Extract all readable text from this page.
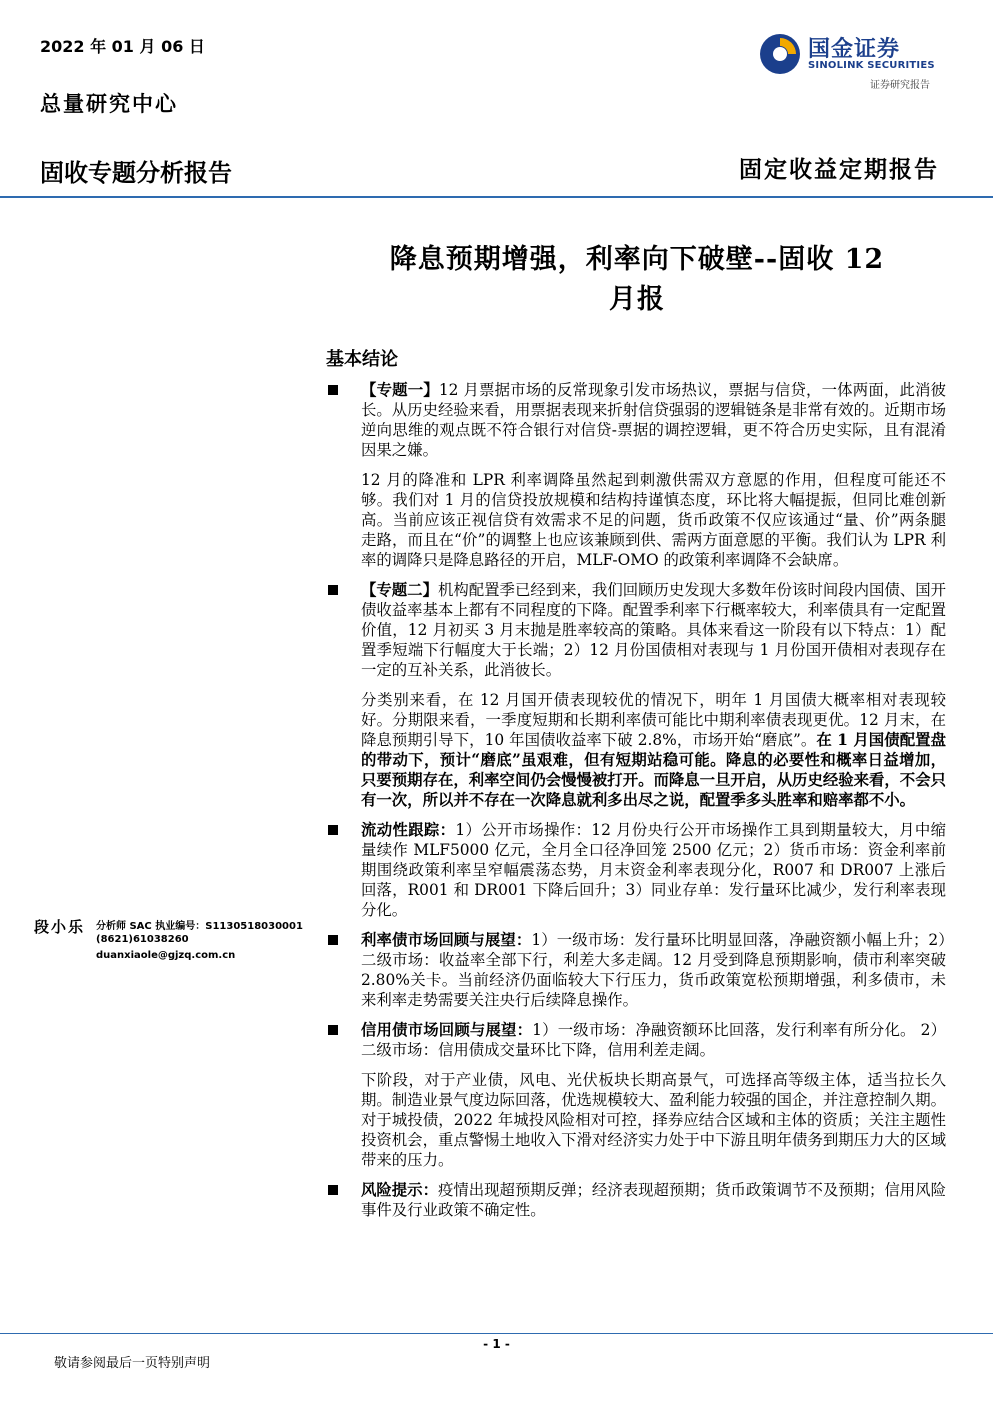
2022 年 01 月 06 日
总量研究中心
国金证券
SINOLINK SECURITIES
证券研究报告
固收专题分析报告	固定收益定期报告
降息预期增强，利率向下破壁--固收 12
月报
基本结论
【专题一】12 月票据市场的反常现象引发市场热议，票据与信贷，一体两面，此消彼长。从历史经验来看，用票据表现来折射信贷强弱的逻辑链条是非常有效的。近期市场逆向思维的观点既不符合银行对信贷-票据的调控逻辑，更不符合历史实际，且有混淆因果之嫌。
12 月的降准和 LPR 利率调降虽然起到刺激供需双方意愿的作用，但程度可能还不够。我们对 1 月的信贷投放规模和结构持谨慎态度，环比将大幅提振，但同比难创新高。当前应该正视信贷有效需求不足的问题，货币政策不仅应该通过“量、价”两条腿走路，而且在“价”的调整上也应该兼顾到供、需两方面意愿的平衡。我们认为 LPR 利率的调降只是降息路径的开启，MLF-OMO 的政策利率调降不会缺席。
【专题二】机构配置季已经到来，我们回顾历史发现大多数年份该时间段内国债、国开债收益率基本上都有不同程度的下降。配置季利率下行概率较大，利率债具有一定配置价值，12 月初买 3 月末抛是胜率较高的策略。具体来看这一阶段有以下特点：1）配置季短端下行幅度大于长端；2）12 月份国债相对表现与 1 月份国开债相对表现存在一定的互补关系，此消彼长。
分类别来看，在 12 月国开债表现较优的情况下，明年 1 月国债大概率相对表现较好。分期限来看，一季度短期和长期利率债可能比中期利率债表现更优。12 月末，在降息预期引导下，10 年国债收益率下破 2.8%，市场开始“磨底”。在 1 月国债配置盘的带动下，预计“磨底”虽艰难，但有短期站稳可能。降息的必要性和概率日益增加，只要预期存在，利率空间仍会慢慢被打开。而降息一旦开启，从历史经验来看，不会只有一次，所以并不存在一次降息就利多出尽之说，配置季多头胜率和赔率都不小。
流动性跟踪：1）公开市场操作：12 月份央行公开市场操作工具到期量较大，月中缩量续作 MLF5000 亿元，全月全口径净回笼 2500 亿元；2）货币市场：资金利率前期围绕政策利率呈窄幅震荡态势，月末资金利率表现分化，R007 和 DR007 上涨后回落，R001 和 DR001 下降后回升；3）同业存单：发行量环比减少，发行利率表现分化。
利率债市场回顾与展望：1）一级市场：发行量环比明显回落，净融资额小幅上升；2）二级市场：收益率全部下行，利差大多走阔。12 月受到降息预期影响，债市利率突破 2.80%关卡。当前经济仍面临较大下行压力，货币政策宽松预期增强，利多债市，未来利率走势需要关注央行后续降息操作。
信用债市场回顾与展望：1）一级市场：净融资额环比回落，发行利率有所分化。 2）二级市场：信用债成交量环比下降，信用利差走阔。
下阶段，对于产业债，风电、光伏板块长期高景气，可选择高等级主体，适当拉长久期。制造业景气度边际回落，优选规模较大、盈利能力较强的国企，并注意控制久期。对于城投债，2022 年城投风险相对可控，择券应结合区域和主体的资质；关注主题性投资机会，重点警惕土地收入下滑对经济实力处于中下游且明年债务到期压力大的区域带来的压力。
风险提示：疫情出现超预期反弹；经济表现超预期；货币政策调节不及预期；信用风险事件及行业政策不确定性。
段小乐 分析师 SAC 执业编号：S1130518030001
(8621)61038260
duanxiaole@gjzq.com.cn
- 1 -
敬请参阅最后一页特别声明
